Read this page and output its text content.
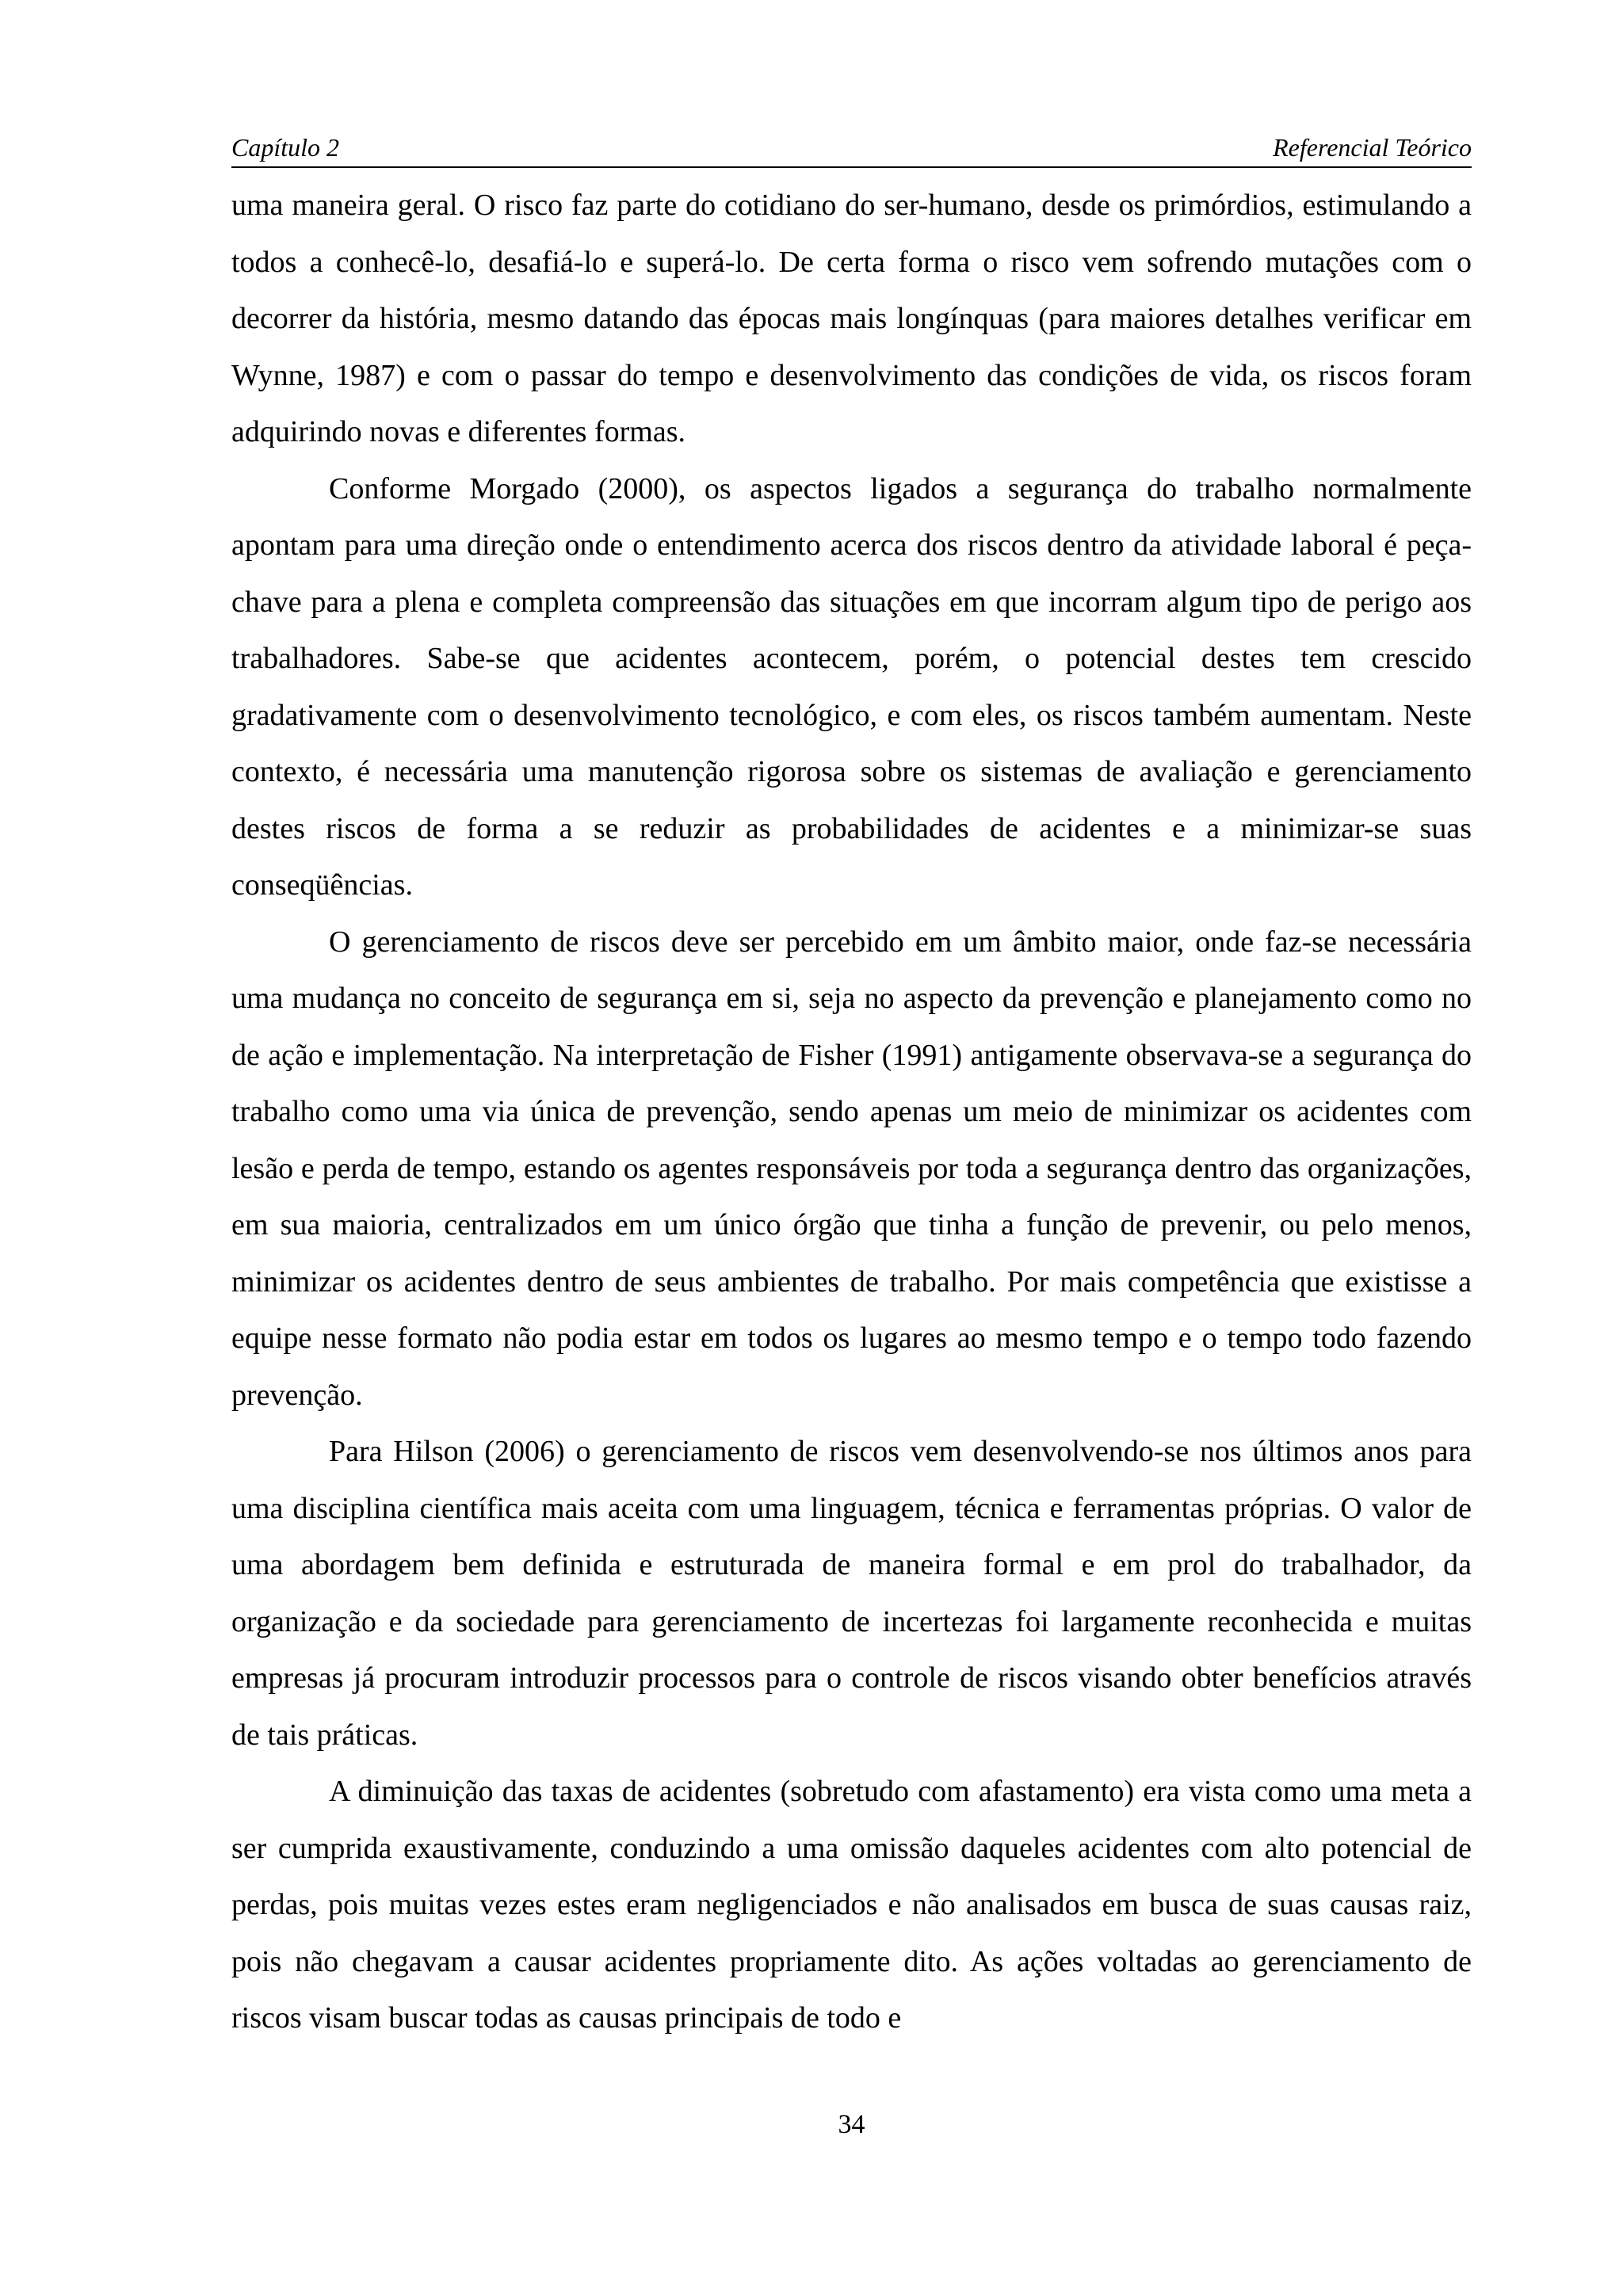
Capítulo 2	Referencial Teórico

uma maneira geral. O risco faz parte do cotidiano do ser-humano, desde os primórdios, estimulando a todos a conhecê-lo, desafiá-lo e superá-lo. De certa forma o risco vem sofrendo mutações com o decorrer da história, mesmo datando das épocas mais longínquas (para maiores detalhes verificar em Wynne, 1987) e com o passar do tempo e desenvolvimento das condições de vida, os riscos foram adquirindo novas e diferentes formas.

Conforme Morgado (2000), os aspectos ligados a segurança do trabalho normalmente apontam para uma direção onde o entendimento acerca dos riscos dentro da atividade laboral é peça-chave para a plena e completa compreensão das situações em que incorram algum tipo de perigo aos trabalhadores. Sabe-se que acidentes acontecem, porém, o potencial destes tem crescido gradativamente com o desenvolvimento tecnológico, e com eles, os riscos também aumentam. Neste contexto, é necessária uma manutenção rigorosa sobre os sistemas de avaliação e gerenciamento destes riscos de forma a se reduzir as probabilidades de acidentes e a minimizar-se suas conseqüências.

O gerenciamento de riscos deve ser percebido em um âmbito maior, onde faz-se necessária uma mudança no conceito de segurança em si, seja no aspecto da prevenção e planejamento como no de ação e implementação. Na interpretação de Fisher (1991) antigamente observava-se a segurança do trabalho como uma via única de prevenção, sendo apenas um meio de minimizar os acidentes com lesão e perda de tempo, estando os agentes responsáveis por toda a segurança dentro das organizações, em sua maioria, centralizados em um único órgão que tinha a função de prevenir, ou pelo menos, minimizar os acidentes dentro de seus ambientes de trabalho. Por mais competência que existisse a equipe nesse formato não podia estar em todos os lugares ao mesmo tempo e o tempo todo fazendo prevenção.

Para Hilson (2006) o gerenciamento de riscos vem desenvolvendo-se nos últimos anos para uma disciplina científica mais aceita com uma linguagem, técnica e ferramentas próprias. O valor de uma abordagem bem definida e estruturada de maneira formal e em prol do trabalhador, da organização e da sociedade para gerenciamento de incertezas foi largamente reconhecida e muitas empresas já procuram introduzir processos para o controle de riscos visando obter benefícios através de tais práticas.

A diminuição das taxas de acidentes (sobretudo com afastamento) era vista como uma meta a ser cumprida exaustivamente, conduzindo a uma omissão daqueles acidentes com alto potencial de perdas, pois muitas vezes estes eram negligenciados e não analisados em busca de suas causas raiz, pois não chegavam a causar acidentes propriamente dito. As ações voltadas ao gerenciamento de riscos visam buscar todas as causas principais de todo e

34
